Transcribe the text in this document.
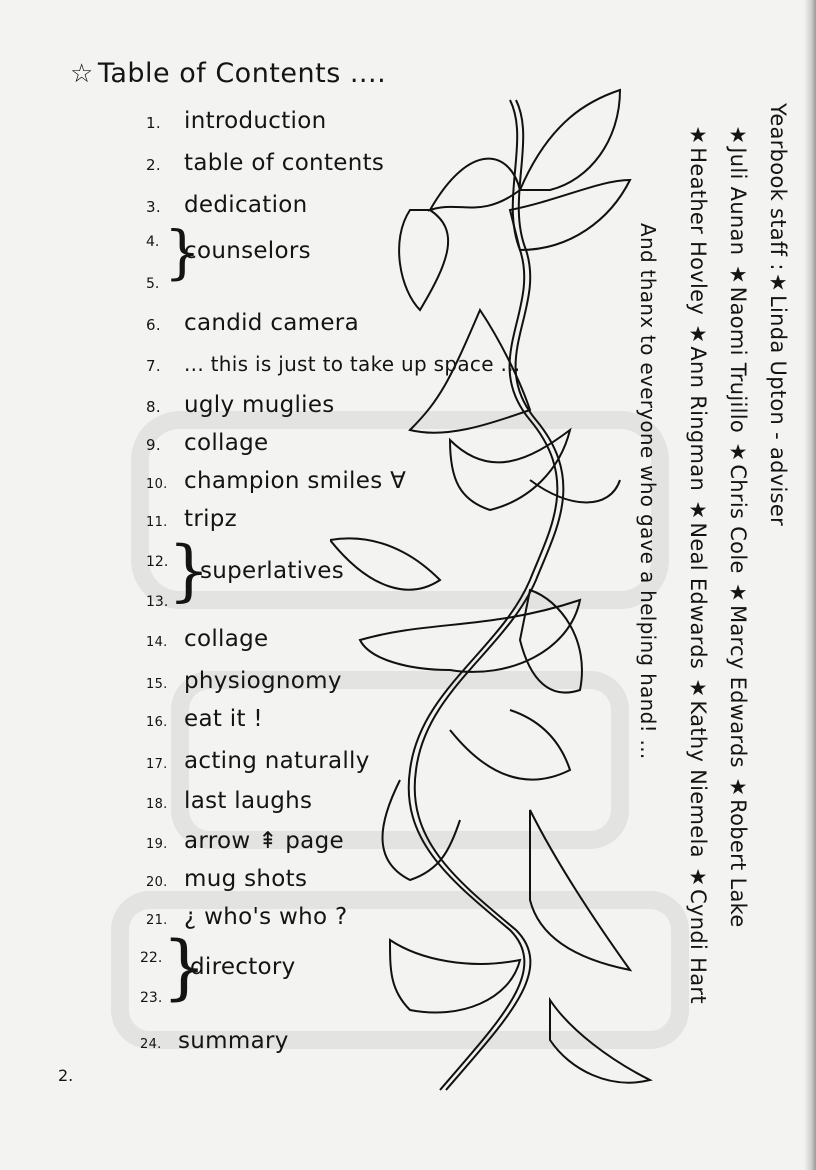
☆ Table of Contents ....
1. introduction
2. table of contents
3. dedication
4. }
counselors
5.
6. candid camera
7. ... this is just to take up space ...
8. ugly muglies
9. collage
10. champion smiles ∀
11. tripz
12. }
superlatives
13.
14. collage
15. physiognomy
16. eat it !
17. acting naturally
18. last laughs
19. arrow ⇞ page
20. mug shots
21. ¿ who's who ?
22. }
directory
23.
24. summary
2.
Yearbook staff :★Linda Upton - adviser
★Juli Aunan ★Naomi Trujillo ★Chris Cole ★Marcy Edwards ★Robert Lake
★Heather Hovley ★Ann Ringman ★Neal Edwards ★Kathy Niemela ★Cyndi Hart
And thanx to everyone who gave a helping hand! ...
